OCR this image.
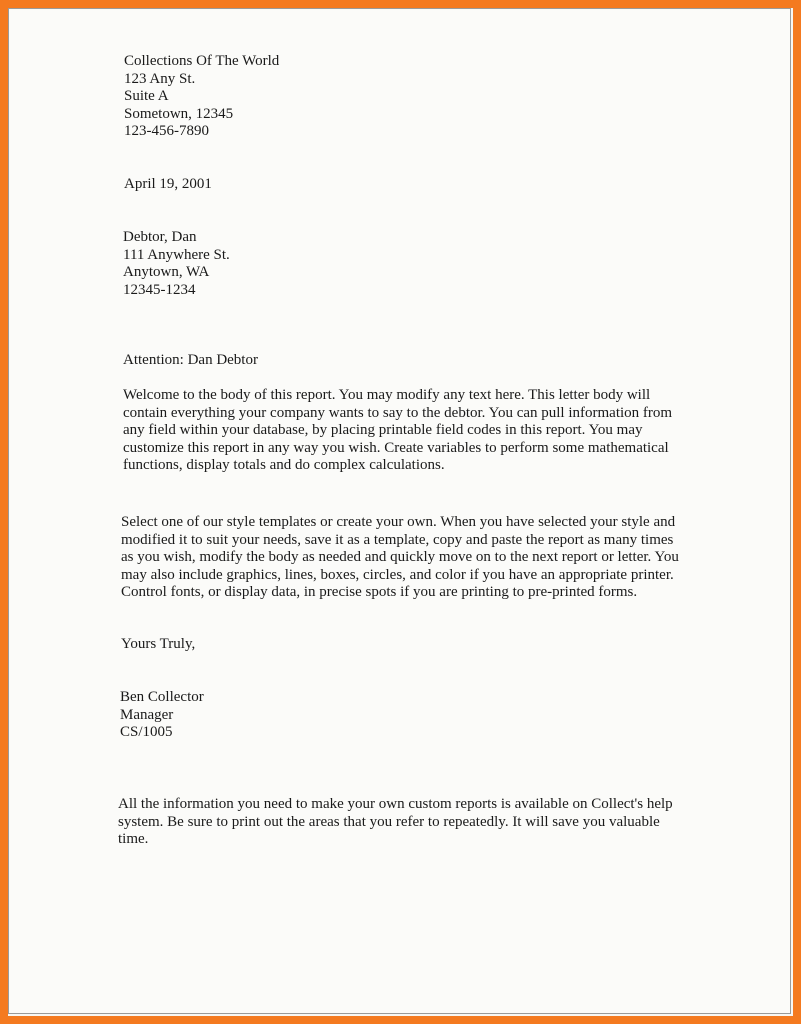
Collections Of The World
123 Any St.
Suite A
Sometown, 12345
123-456-7890
April 19, 2001
Debtor, Dan
111 Anywhere St.
Anytown, WA
12345-1234
Attention: Dan Debtor
Welcome to the body of this report. You may modify any text here. This letter body will
contain everything your company wants to say to the debtor. You can pull information from
any field within your database, by placing printable field codes in this report. You may
customize this report in any way you wish. Create variables to perform some mathematical
functions, display totals and do complex calculations.
Select one of our style templates or create your own. When you have selected your style and
modified it to suit your needs, save it as a template, copy and paste the report as many times
as you wish, modify the body as needed and quickly move on to the next report or letter. You
may also include graphics, lines, boxes, circles, and color if you have an appropriate printer.
Control fonts, or display data, in precise spots if you are printing to pre-printed forms.
Yours Truly,
Ben Collector
Manager
CS/1005
All the information you need to make your own custom reports is available on Collect's help
system. Be sure to print out the areas that you refer to repeatedly. It will save you valuable
time.
